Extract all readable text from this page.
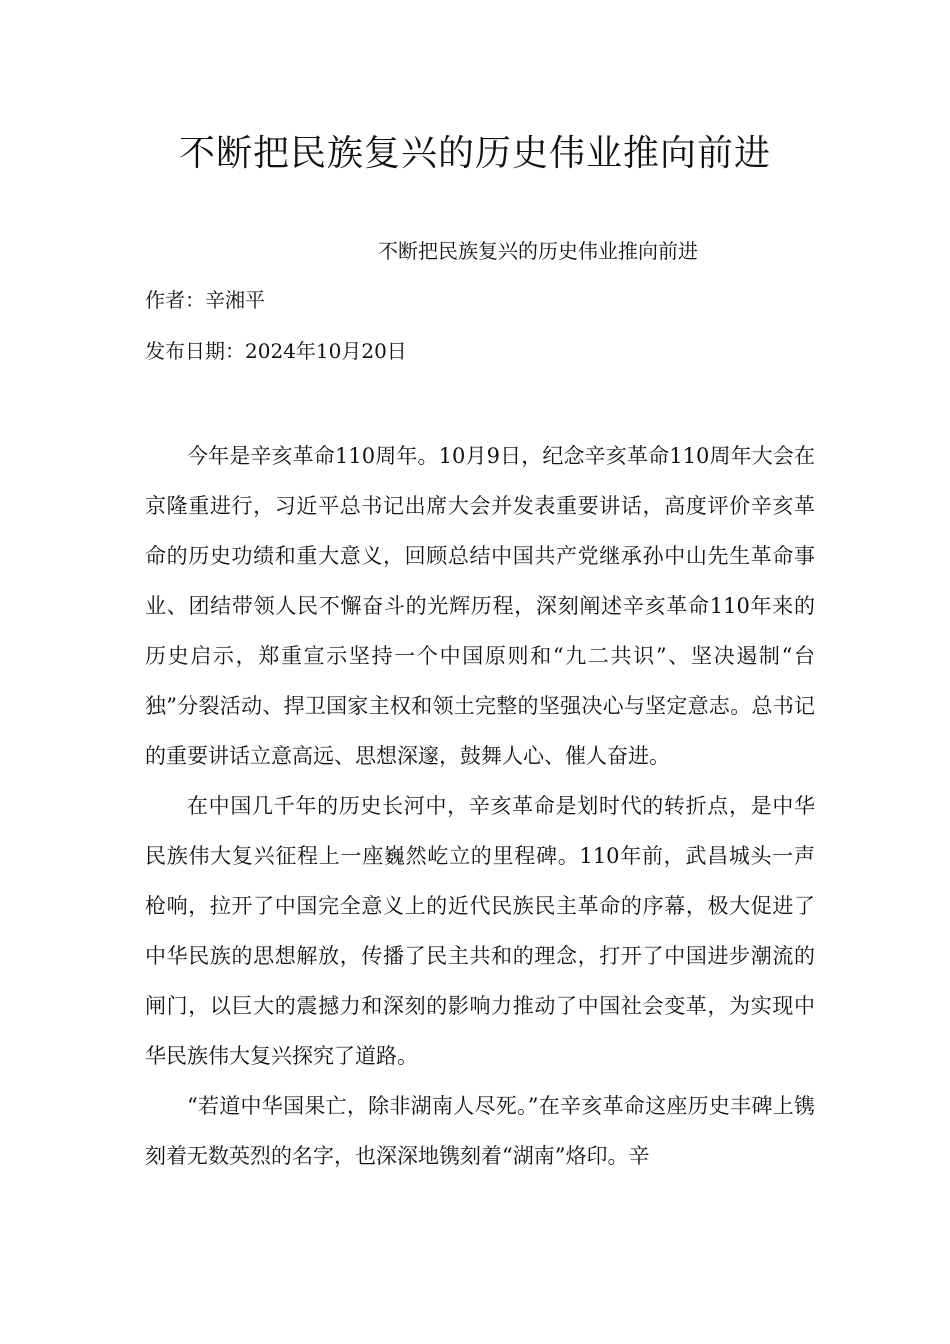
不断把民族复兴的历史伟业推向前进

不断把民族复兴的历史伟业推向前进

作者：辛湘平

发布日期：2024年10月20日

今年是辛亥革命110周年。10月9日，纪念辛亥革命110周年大会在京隆重进行，习近平总书记出席大会并发表重要讲话，高度评价辛亥革命的历史功绩和重大意义，回顾总结中国共产党继承孙中山先生革命事业、团结带领人民不懈奋斗的光辉历程，深刻阐述辛亥革命110年来的历史启示，郑重宣示坚持一个中国原则和“九二共识”、坚决遏制“台独”分裂活动、捍卫国家主权和领土完整的坚强决心与坚定意志。总书记的重要讲话立意高远、思想深邃，鼓舞人心、催人奋进。

在中国几千年的历史长河中，辛亥革命是划时代的转折点，是中华民族伟大复兴征程上一座巍然屹立的里程碑。110年前，武昌城头一声枪响，拉开了中国完全意义上的近代民族民主革命的序幕，极大促进了中华民族的思想解放，传播了民主共和的理念，打开了中国进步潮流的闸门，以巨大的震撼力和深刻的影响力推动了中国社会变革，为实现中华民族伟大复兴探究了道路。

“若道中华国果亡，除非湖南人尽死。”在辛亥革命这座历史丰碑上镌刻着无数英烈的名字，也深深地镌刻着“湖南”烙印。辛
